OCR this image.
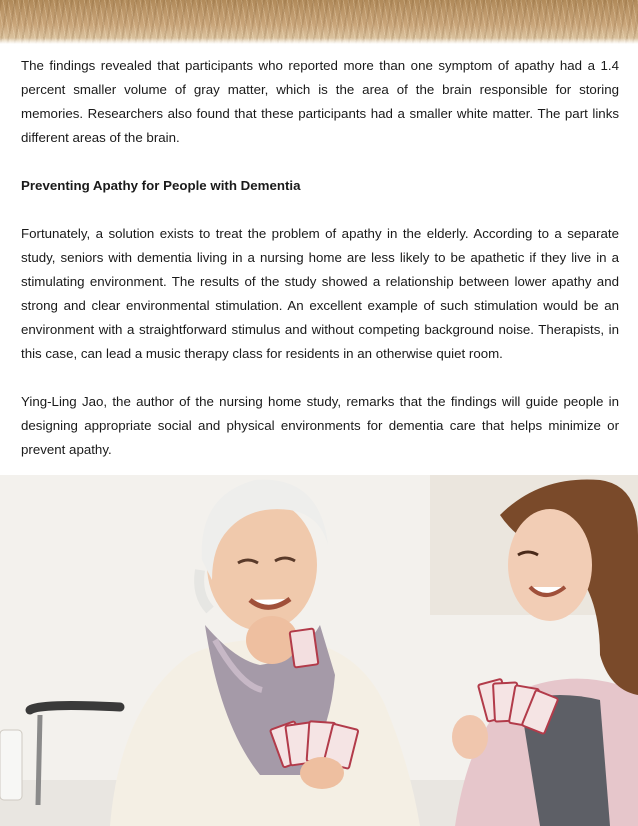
The findings revealed that participants who reported more than one symptom of apathy had a 1.4 percent smaller volume of gray matter, which is the area of the brain responsible for storing memories. Researchers also found that these participants had a smaller white matter. The part links different areas of the brain.

Preventing Apathy for People with Dementia

Fortunately, a solution exists to treat the problem of apathy in the elderly. According to a separate study, seniors with dementia living in a nursing home are less likely to be apathetic if they live in a stimulating environment. The results of the study showed a relationship between lower apathy and strong and clear environmental stimulation. An excellent example of such stimulation would be an environment with a straightforward stimulus and without competing background noise. Therapists, in this case, can lead a music therapy class for residents in an otherwise quiet room.

Ying-Ling Jao, the author of the nursing home study, remarks that the findings will guide people in designing appropriate social and physical environments for dementia care that helps minimize or prevent apathy.
